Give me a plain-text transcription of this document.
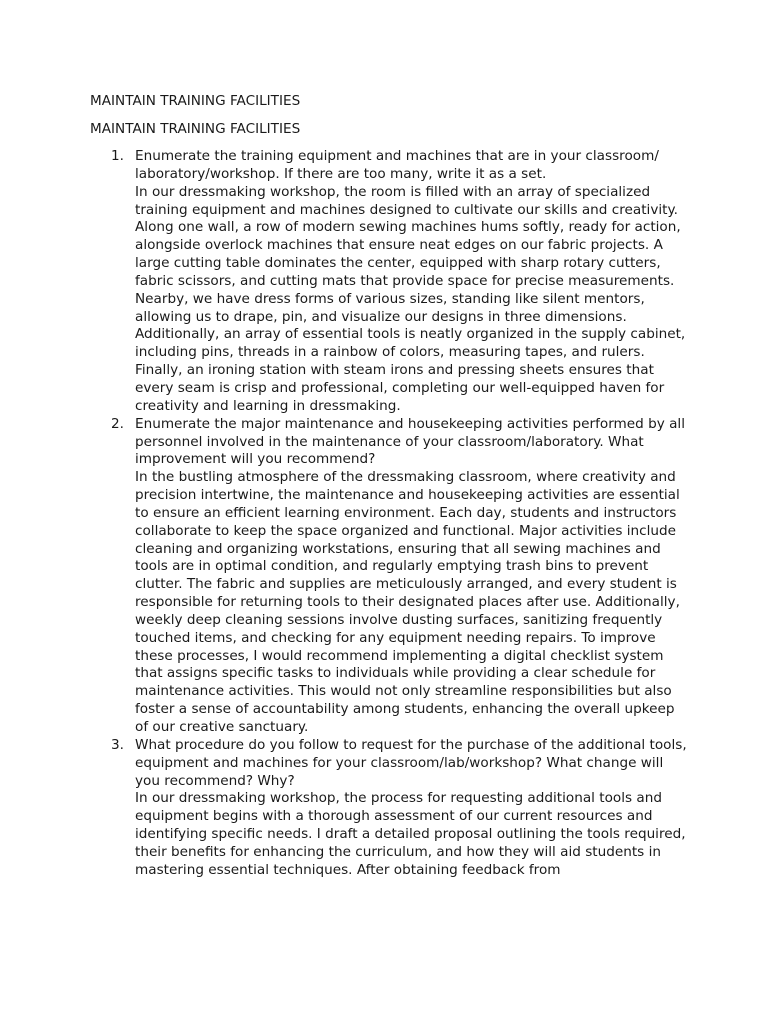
MAINTAIN TRAINING FACILITIES
MAINTAIN TRAINING FACILITIES
1. Enumerate the training equipment and machines that are in your classroom/ laboratory/workshop. If there are too many, write it as a set.
In our dressmaking workshop, the room is filled with an array of specialized training equipment and machines designed to cultivate our skills and creativity. Along one wall, a row of modern sewing machines hums softly, ready for action, alongside overlock machines that ensure neat edges on our fabric projects. A large cutting table dominates the center, equipped with sharp rotary cutters, fabric scissors, and cutting mats that provide space for precise measurements. Nearby, we have dress forms of various sizes, standing like silent mentors, allowing us to drape, pin, and visualize our designs in three dimensions. Additionally, an array of essential tools is neatly organized in the supply cabinet, including pins, threads in a rainbow of colors, measuring tapes, and rulers. Finally, an ironing station with steam irons and pressing sheets ensures that every seam is crisp and professional, completing our well-equipped haven for creativity and learning in dressmaking.
2. Enumerate the major maintenance and housekeeping activities performed by all personnel involved in the maintenance of your classroom/laboratory. What improvement will you recommend?
In the bustling atmosphere of the dressmaking classroom, where creativity and precision intertwine, the maintenance and housekeeping activities are essential to ensure an efficient learning environment. Each day, students and instructors collaborate to keep the space organized and functional. Major activities include cleaning and organizing workstations, ensuring that all sewing machines and tools are in optimal condition, and regularly emptying trash bins to prevent clutter. The fabric and supplies are meticulously arranged, and every student is responsible for returning tools to their designated places after use. Additionally, weekly deep cleaning sessions involve dusting surfaces, sanitizing frequently touched items, and checking for any equipment needing repairs. To improve these processes, I would recommend implementing a digital checklist system that assigns specific tasks to individuals while providing a clear schedule for maintenance activities. This would not only streamline responsibilities but also foster a sense of accountability among students, enhancing the overall upkeep of our creative sanctuary.
3. What procedure do you follow to request for the purchase of the additional tools, equipment and machines for your classroom/lab/workshop? What change will you recommend? Why?
In our dressmaking workshop, the process for requesting additional tools and equipment begins with a thorough assessment of our current resources and identifying specific needs. I draft a detailed proposal outlining the tools required, their benefits for enhancing the curriculum, and how they will aid students in mastering essential techniques. After obtaining feedback from
